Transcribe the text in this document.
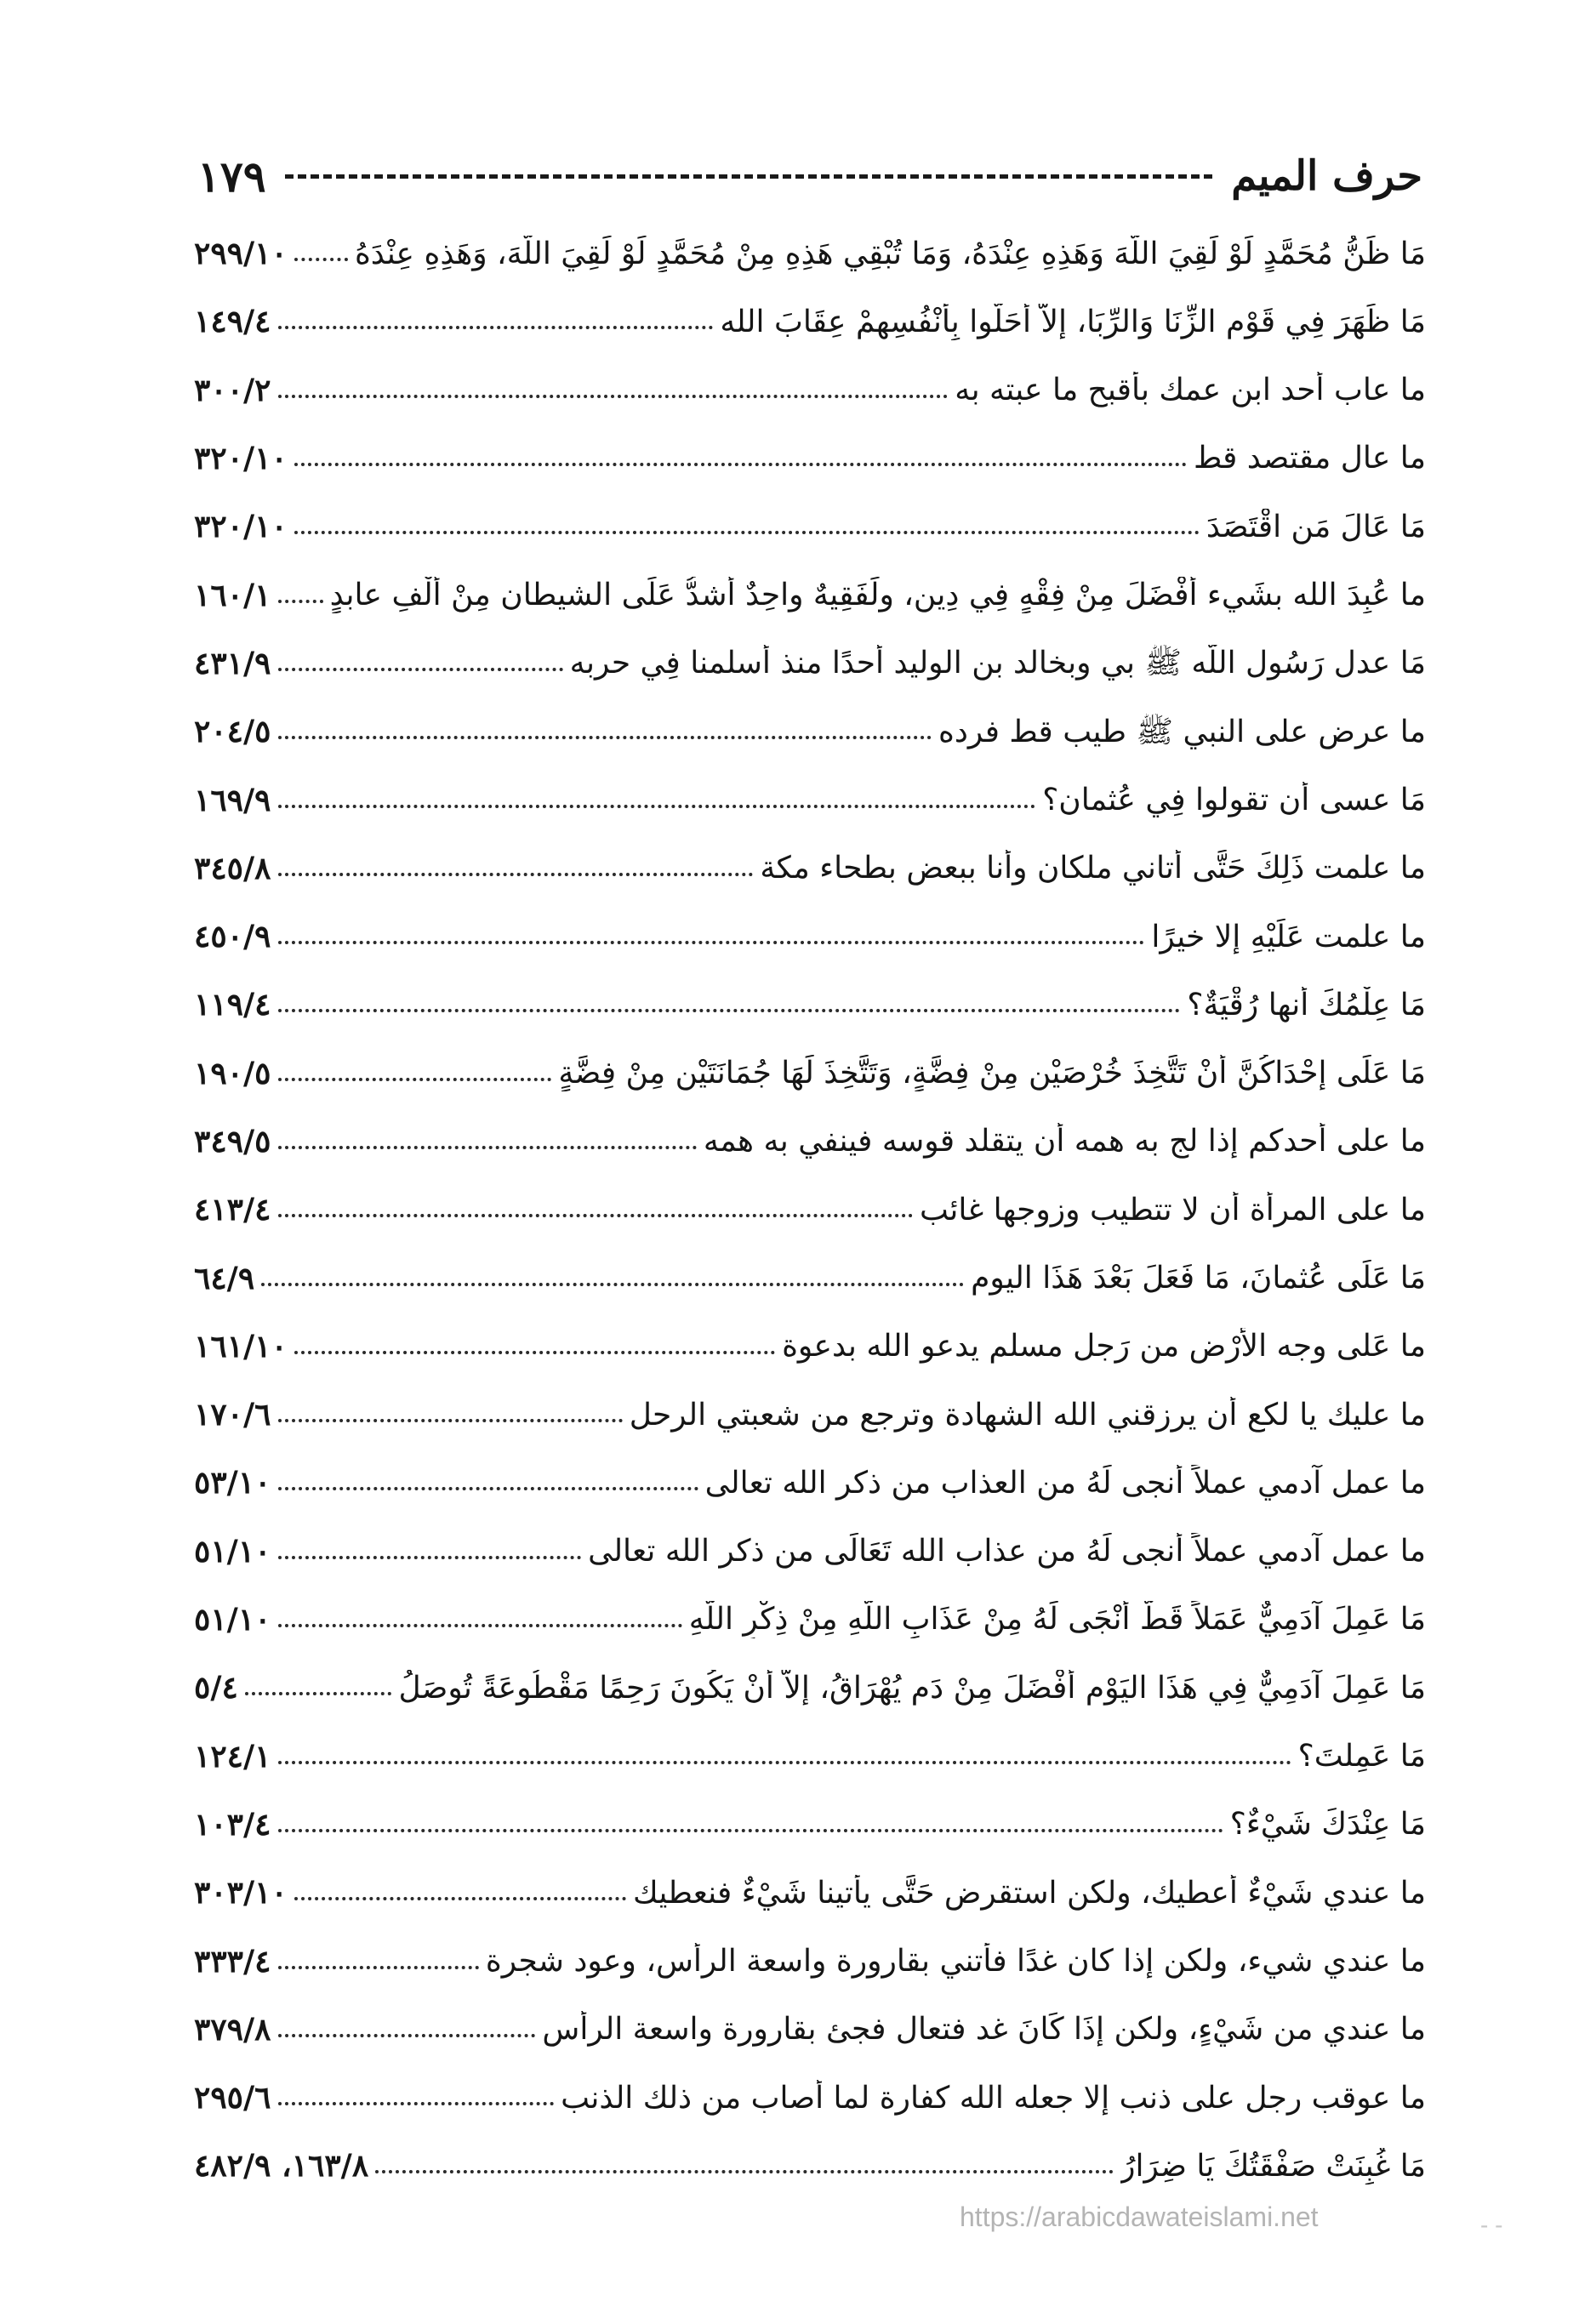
١٧٩	حرف الميم
مَا ظَنُّ مُحَمَّدٍ لَوْ لَقِيَ اللَّهَ وَهَذِهِ عِنْدَهُ، وَمَا تُبْقِي هَذِهِ مِنْ مُحَمَّدٍ لَوْ لَقِيَ اللَّهَ، وَهَذِهِ عِنْدَهُ
٢٩٩/١٠
مَا ظَهَرَ فِي قَوْمِ الزِّنَا وَالرِّبَا، إِلاَّ أَحَلُّوا بِأَنْفُسِهِمْ عِقَابَ الله
١٤٩/٤
ما عاب أحد ابن عمك بأقبح ما عبته به
٣٠٠/٢
ما عال مقتصد قط
٣٢٠/١٠
مَا عَالَ مَنِ اقْتَصَدَ
٣٢٠/١٠
ما عُبِدَ الله بشَيء أَفْضَلَ مِنْ فِقْهٍ فِي دِينٍ، ولَفَقِيهٌ واحِدٌ أشدُّ عَلَى الشيطان مِنْ أَلْفِ عابدٍ
١٦٠/١
مَا عدل رَسُول اللَّه ﷺ بي وبخالد بن الوليد أحدًا منذ أسلمنا فِي حربه
٤٣١/٩
ما عرض على النبي ﷺ طيب قط فرده
٢٠٤/٥
مَا عسى أن تقولوا فِي عُثمان؟
١٦٩/٩
ما علمت ذَلِكَ حَتَّى أتاني ملكان وأنا ببعض بطحاء مكة
٣٤٥/٨
ما علمت عَلَيْهِ إلا خيرًا
٤٥٠/٩
مَا عِلْمُكَ أنها رُقْيَةٌ؟
١١٩/٤
مَا عَلَى إِحْدَاكُنَّ أَنْ تَتَّخِذَ خُرْصَيْنِ مِنْ فِضَّةٍ، وَتَتَّخِذَ لَهَا جُمَانَتَيْنِ مِنْ فِضَّةٍ
١٩٠/٥
ما على أحدكم إذا لج به همه أن يتقلد قوسه فينفي به همه
٣٤٩/٥
ما على المرأة أن لا تتطيب وزوجها غائب
٤١٣/٤
مَا عَلَى عُثمانَ، مَا فَعَلَ بَعْدَ هَذَا اليومِ
٦٤/٩
ما عَلى وجه الأرْض من رَجل مسلم يدعو الله بدعوة
١٦١/١٠
ما عليك يا لكع أن يرزقني الله الشهادة وترجع من شعبتي الرحل
١٧٠/٦
ما عمل آدمي عملاً أنجى لَهُ من العذاب من ذكر الله تعالى
٥٣/١٠
ما عمل آدمي عملاً أنجى لَهُ من عذاب الله تَعَالَى من ذكر الله تعالى
٥١/١٠
مَا عَمِلَ آدَمِيٌّ عَمَلاً قَطُّ أَنْجَى لَهُ مِنْ عَذَابِ اللَّهِ مِنْ ذِكْرِ اللَّهِ
٥١/١٠
مَا عَمِلَ آدَمِيٌّ فِي هَذَا اليَوْمِ أَفْضَلَ مِنْ دَمٍ يُهْرَاقُ، إِلاَّ أَنْ يَكُونَ رَحِمًا مَقْطُوعَةً تُوصَلُ
٥/٤
مَا عَمِلتَ؟
١٢٤/١
مَا عِنْدَكَ شَيْءٌ؟
١٠٣/٤
ما عندي شَيْءٌ أعطيك، ولكن استقرض حَتَّى يأتينا شَيْءٌ فنعطيك
٣٠٣/١٠
ما عندي شيء، ولكن إذا كان غدًا فأتني بقارورة واسعة الرأس، وعود شجرة
٣٣٣/٤
ما عندي من شَيْءٍ، ولكن إِذَا كَانَ غد فتعال فجئ بقارورة واسعة الرأس
٣٧٩/٨
ما عوقب رجل على ذنب إلا جعله الله كفارة لما أصاب من ذلك الذنب
٢٩٥/٦
مَا غُبِنَتْ صَفْقَتُكَ يَا ضِرَارُ
١٦٣/٨، ٤٨٢/٩
https://arabicdawateislami.net	- -
